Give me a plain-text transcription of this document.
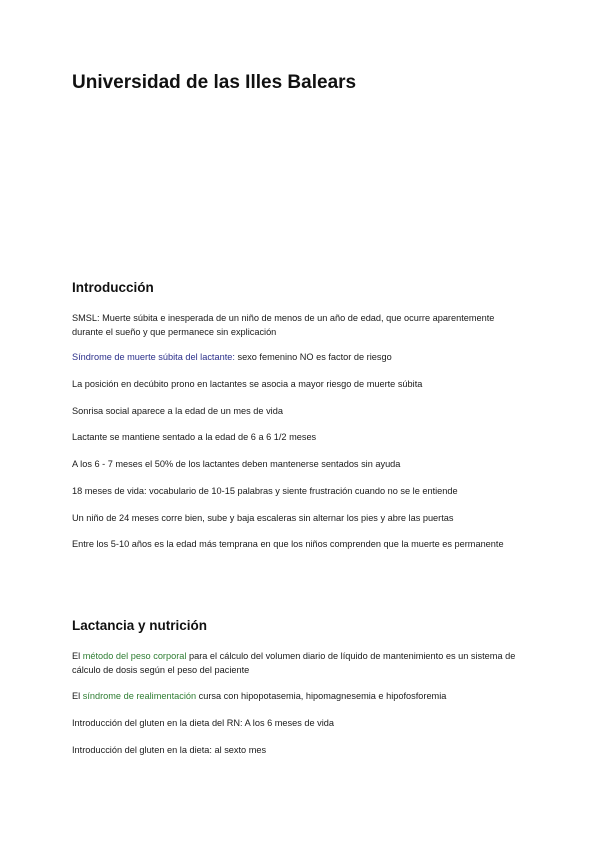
Universidad de las Illes Balears
Introducción

SMSL: Muerte súbita e inesperada de un niño de menos de un año de edad, que ocurre aparentemente durante el sueño y que permanece sin explicación

Síndrome de muerte súbita del lactante: sexo femenino NO es factor de riesgo

La posición en decúbito prono en lactantes se asocia a mayor riesgo de muerte súbita

Sonrisa social aparece a la edad de un mes de vida

Lactante se mantiene sentado a la edad de 6 a 6 1/2 meses

A los 6 - 7 meses el 50% de los lactantes deben mantenerse sentados sin ayuda

18 meses de vida: vocabulario de 10-15 palabras y siente frustración cuando no se le entiende

Un niño de 24 meses corre bien, sube y baja escaleras sin alternar los pies y abre las puertas

Entre los 5-10 años es la edad más temprana en que los niños comprenden que la muerte es permanente

Lactancia y nutrición

El método del peso corporal para el cálculo del volumen diario de líquido de mantenimiento es un sistema de cálculo de dosis según el peso del paciente

El síndrome de realimentación cursa con hipopotasemia, hipomagnesemia e hipofosforemia

Introducción del gluten en la dieta del RN: A los 6 meses de vida

Introducción del gluten en la dieta: al sexto mes
